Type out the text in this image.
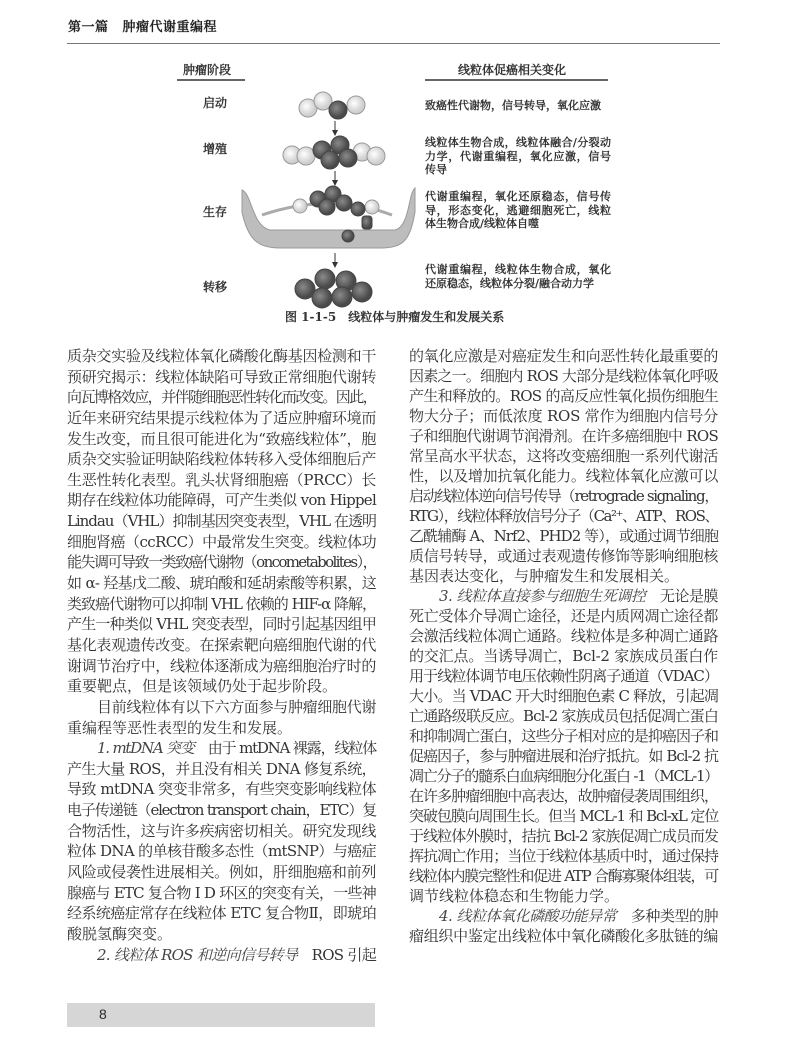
第一篇 肿瘤代谢重编程
肿瘤阶段	线粒体促癌相关变化
启动
增殖
生存
转移
致癌性代谢物，信号转导，氧化应激
线粒体生物合成，线粒体融合/分裂动力学，代谢重编程，氧化应激，信号传导
代谢重编程，氧化还原稳态，信号传导，形态变化，逃避细胞死亡，线粒体生物合成/线粒体自噬
代谢重编程，线粒体生物合成，氧化还原稳态，线粒体分裂/融合动力学
图 1-1-5 线粒体与肿瘤发生和发展关系
质杂交实验及线粒体氧化磷酸化酶基因检测和干
预研究揭示：线粒体缺陷可导致正常细胞代谢转
向瓦博格效应，并伴随细胞恶性转化而改变。因此，
近年来研究结果提示线粒体为了适应肿瘤环境而
发生改变，而且很可能进化为“致癌线粒体”，胞
质杂交实验证明缺陷线粒体转移入受体细胞后产
生恶性转化表型。乳头状肾细胞癌（PRCC）长
期存在线粒体功能障碍，可产生类似 von Hippel
Lindau（VHL）抑制基因突变表型，VHL 在透明
细胞肾癌（ccRCC）中最常发生突变。线粒体功
能失调可导致一类致癌代谢物（oncometabolites），
如 α- 羟基戊二酸、琥珀酸和延胡索酸等积累，这
类致癌代谢物可以抑制 VHL 依赖的 HIF-α 降解，
产生一种类似 VHL 突变表型，同时引起基因组甲
基化表观遗传改变。在探索靶向癌细胞代谢的代
谢调节治疗中，线粒体逐渐成为癌细胞治疗时的
重要靶点，但是该领域仍处于起步阶段。
目前线粒体有以下六方面参与肿瘤细胞代谢
重编程等恶性表型的发生和发展。
1. mtDNA 突变　由于 mtDNA 裸露，线粒体
产生大量 ROS，并且没有相关 DNA 修复系统，
导致 mtDNA 突变非常多，有些突变影响线粒体
电子传递链（electron transport chain，ETC）复
合物活性，这与许多疾病密切相关。研究发现线
粒体 DNA 的单核苷酸多态性（mtSNP）与癌症
风险或侵袭性进展相关。例如，肝细胞癌和前列
腺癌与 ETC 复合物 I D 环区的突变有关，一些神
经系统癌症常存在线粒体 ETC 复合物Ⅱ，即琥珀
酸脱氢酶突变。
2. 线粒体 ROS 和逆向信号转导　ROS 引起
的氧化应激是对癌症发生和向恶性转化最重要的
因素之一。细胞内 ROS 大部分是线粒体氧化呼吸
产生和释放的。ROS 的高反应性氧化损伤细胞生
物大分子；而低浓度 ROS 常作为细胞内信号分
子和细胞代谢调节润滑剂。在许多癌细胞中 ROS
常呈高水平状态，这将改变癌细胞一系列代谢活
性，以及增加抗氧化能力。线粒体氧化应激可以
启动线粒体逆向信号传导（retrograde signaling，
RTG），线粒体释放信号分子（Ca²⁺、ATP、ROS、
乙酰辅酶 A、Nrf2、PHD2 等），或通过调节细胞
质信号转导，或通过表观遗传修饰等影响细胞核
基因表达变化，与肿瘤发生和发展相关。
3. 线粒体直接参与细胞生死调控　无论是膜
死亡受体介导凋亡途径，还是内质网凋亡途径都
会激活线粒体凋亡通路。线粒体是多种凋亡通路
的交汇点。当诱导凋亡，Bcl-2 家族成员蛋白作
用于线粒体调节电压依赖性阴离子通道（VDAC）
大小。当 VDAC 开大时细胞色素 C 释放，引起凋
亡通路级联反应。Bcl-2 家族成员包括促凋亡蛋白
和抑制凋亡蛋白，这些分子相对应的是抑癌因子和
促癌因子，参与肿瘤进展和治疗抵抗。如 Bcl-2 抗
凋亡分子的髓系白血病细胞分化蛋白 -1（MCL-1）
在许多肿瘤细胞中高表达，故肿瘤侵袭周围组织，
突破包膜向周围生长。但当 MCL-1 和 Bcl-xL 定位
于线粒体外膜时，拮抗 Bcl-2 家族促凋亡成员而发
挥抗凋亡作用；当位于线粒体基质中时，通过保持
线粒体内膜完整性和促进 ATP 合酶寡聚体组装，可
调节线粒体稳态和生物能力学。
4. 线粒体氧化磷酸功能异常　多种类型的肿
瘤组织中鉴定出线粒体中氧化磷酸化多肽链的编
8
